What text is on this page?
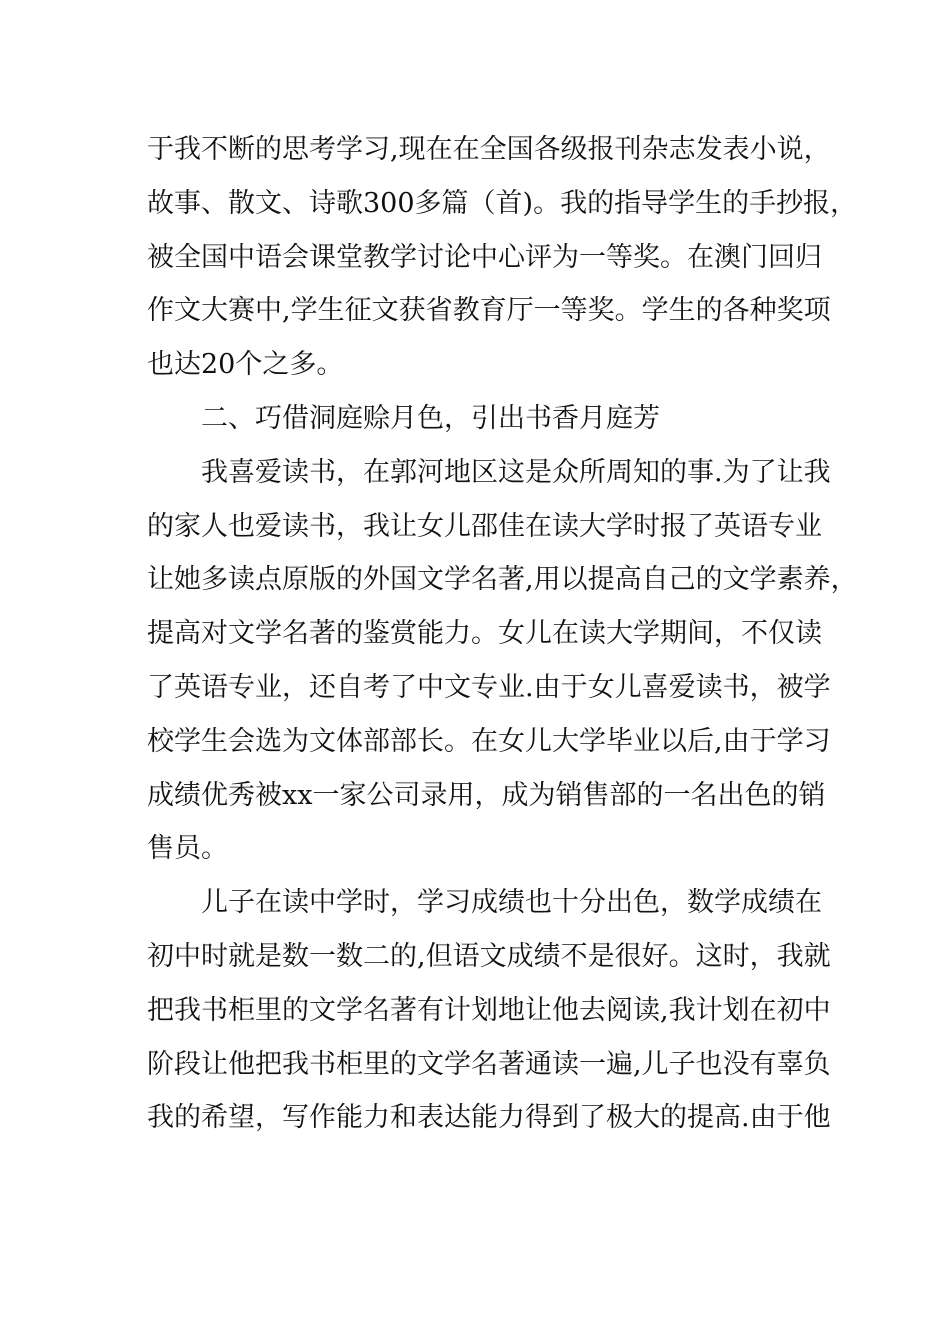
于我不断的思考学习,现在在全国各级报刊杂志发表小说，
故事、散文、诗歌300多篇（首)。我的指导学生的手抄报，
被全国中语会课堂教学讨论中心评为一等奖。在澳门回归
作文大赛中,学生征文获省教育厅一等奖。学生的各种奖项
也达20个之多。
二、巧借洞庭赊月色，引出书香月庭芳
我喜爱读书，在郭河地区这是众所周知的事.为了让我
的家人也爱读书，我让女儿邵佳在读大学时报了英语专业
让她多读点原版的外国文学名著,用以提高自己的文学素养，
提高对文学名著的鉴赏能力。女儿在读大学期间，不仅读
了英语专业，还自考了中文专业.由于女儿喜爱读书，被学
校学生会选为文体部部长。在女儿大学毕业以后,由于学习
成绩优秀被xx一家公司录用，成为销售部的一名出色的销
售员。
儿子在读中学时，学习成绩也十分出色，数学成绩在
初中时就是数一数二的,但语文成绩不是很好。这时，我就
把我书柜里的文学名著有计划地让他去阅读,我计划在初中
阶段让他把我书柜里的文学名著通读一遍,儿子也没有辜负
我的希望，写作能力和表达能力得到了极大的提高.由于他
